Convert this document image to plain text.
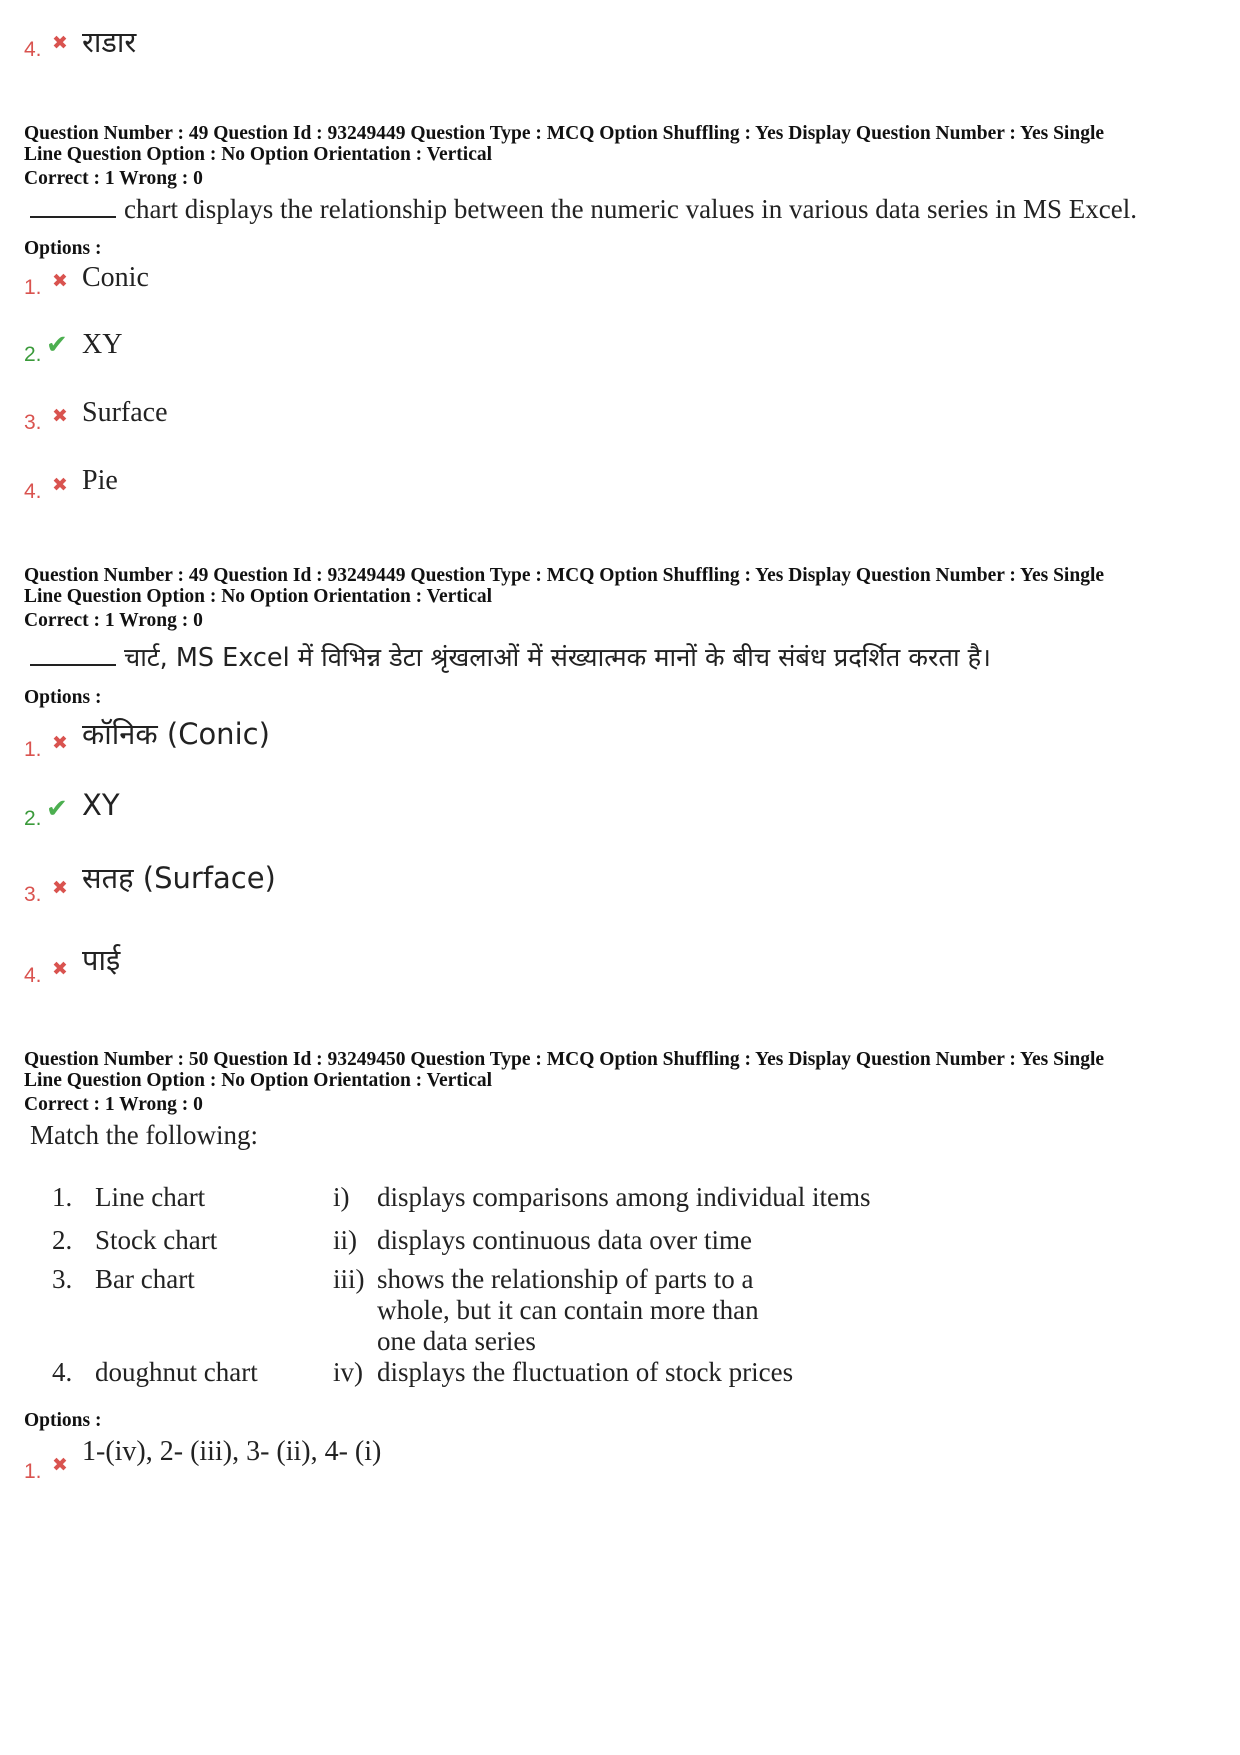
4. ✖ राडार
Question Number : 49 Question Id : 93249449 Question Type : MCQ Option Shuffling : Yes Display Question Number : Yes Single
Line Question Option : No Option Orientation : Vertical
Correct : 1 Wrong : 0
chart displays the relationship between the numeric values in various data series in MS Excel.
Options :
1. ✖ Conic
2. ✔ XY
3. ✖ Surface
4. ✖ Pie
Question Number : 49 Question Id : 93249449 Question Type : MCQ Option Shuffling : Yes Display Question Number : Yes Single
Line Question Option : No Option Orientation : Vertical
Correct : 1 Wrong : 0
चार्ट, MS Excel में विभिन्न डेटा श्रृंखलाओं में संख्यात्मक मानों के बीच संबंध प्रदर्शित करता है।
Options :
1. ✖ कॉनिक (Conic)
2. ✔ XY
3. ✖ सतह (Surface)
4. ✖ पाई
Question Number : 50 Question Id : 93249450 Question Type : MCQ Option Shuffling : Yes Display Question Number : Yes Single
Line Question Option : No Option Orientation : Vertical
Correct : 1 Wrong : 0
Match the following:
1. Line chart	i) displays comparisons among individual items
2. Stock chart	ii) displays continuous data over time
3. Bar chart	iii) shows the relationship of parts to a
whole, but it can contain more than
one data series
4. doughnut chart	iv) displays the fluctuation of stock prices
Options :
1. ✖ 1-(iv), 2- (iii), 3- (ii), 4- (i)
